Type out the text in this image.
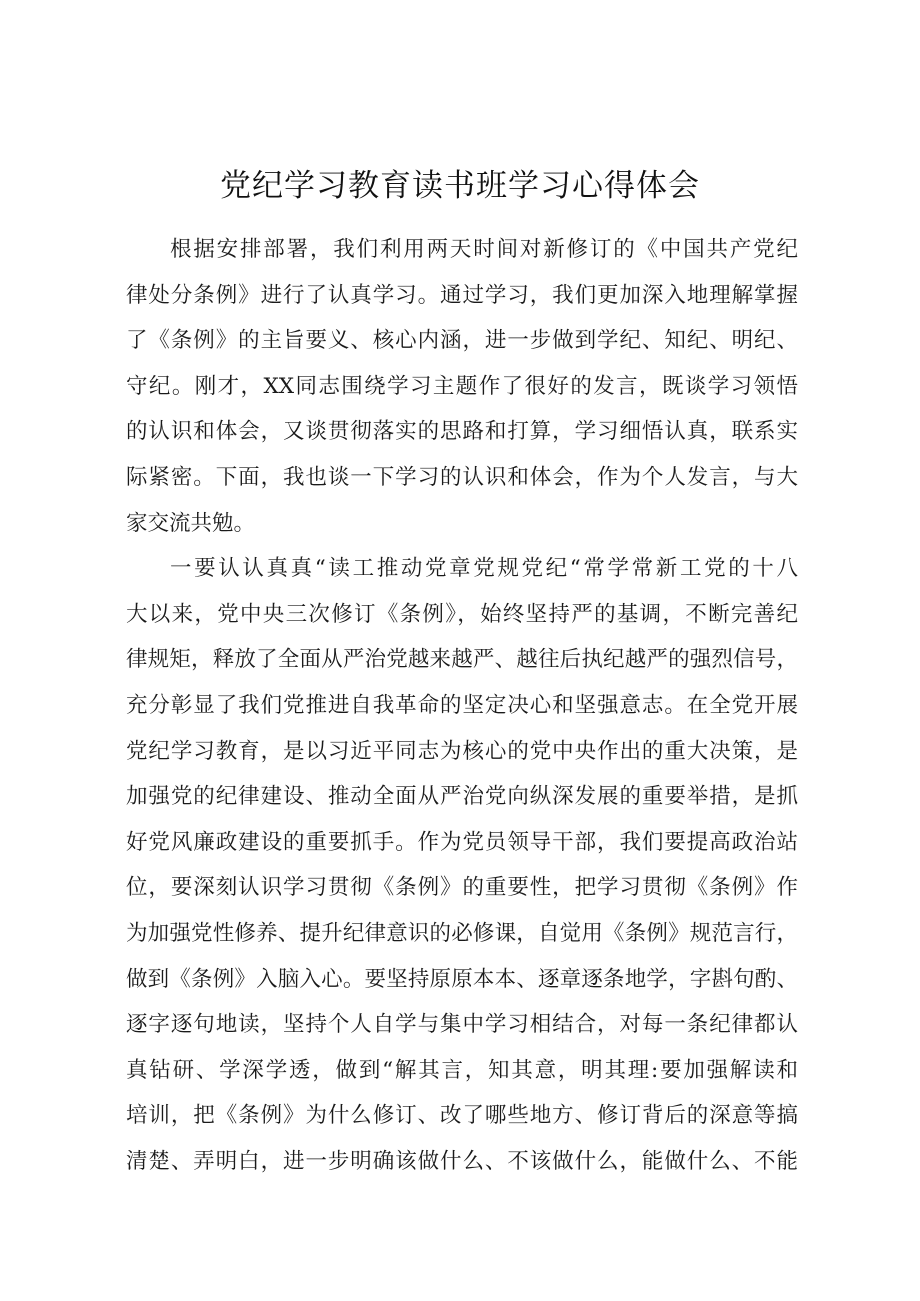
党纪学习教育读书班学习心得体会
根据安排部署，我们利用两天时间对新修订的《中国共产党纪
律处分条例》进行了认真学习。通过学习，我们更加深入地理解掌握
了《条例》的主旨要义、核心内涵，进一步做到学纪、知纪、明纪、
守纪。刚才，XX同志围绕学习主题作了很好的发言，既谈学习领悟
的认识和体会，又谈贯彻落实的思路和打算，学习细悟认真，联系实
际紧密。下面，我也谈一下学习的认识和体会，作为个人发言，与大
家交流共勉。
一要认认真真“读工推动党章党规党纪“常学常新工党的十八
大以来，党中央三次修订《条例》，始终坚持严的基调，不断完善纪
律规矩，释放了全面从严治党越来越严、越往后执纪越严的强烈信号，
充分彰显了我们党推进自我革命的坚定决心和坚强意志。在全党开展
党纪学习教育，是以习近平同志为核心的党中央作出的重大决策，是
加强党的纪律建设、推动全面从严治党向纵深发展的重要举措，是抓
好党风廉政建设的重要抓手。作为党员领导干部，我们要提高政治站
位，要深刻认识学习贯彻《条例》的重要性，把学习贯彻《条例》作
为加强党性修养、提升纪律意识的必修课，自觉用《条例》规范言行，
做到《条例》入脑入心。要坚持原原本本、逐章逐条地学，字斟句酌、
逐字逐句地读，坚持个人自学与集中学习相结合，对每一条纪律都认
真钻研、学深学透，做到“解其言，知其意，明其理:要加强解读和
培训，把《条例》为什么修订、改了哪些地方、修订背后的深意等搞
清楚、弄明白，进一步明确该做什么、不该做什么，能做什么、不能
